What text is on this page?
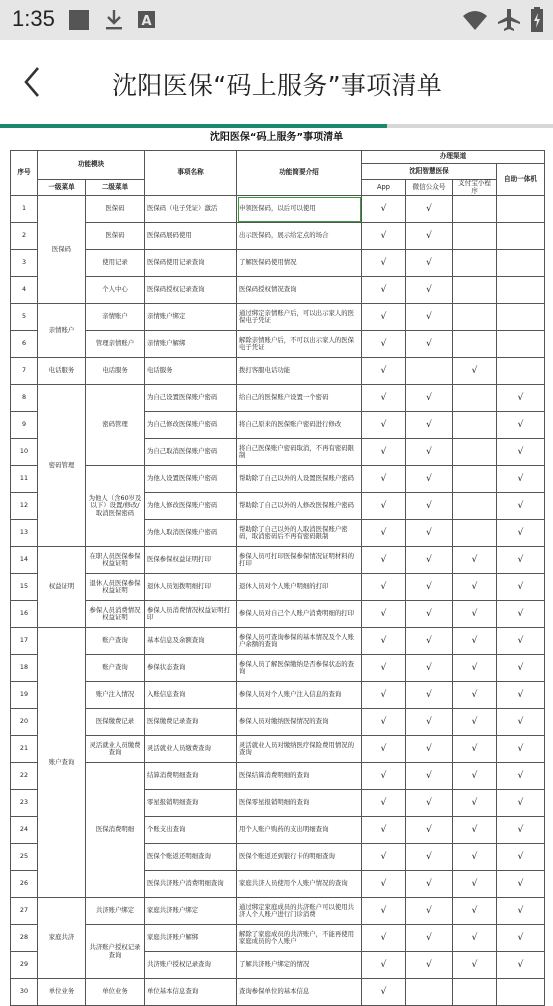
1:35	A
沈阳医保“码上服务”事项清单
沈阳医保“码上服务”事项清单
序号	功能模块		事项名称	功能简要介绍	办理渠道			
					沈阳智慧医保			自助一体机
	一级菜单	二级菜单			App	微信公众号	支付宝小程序	
1	医保码	医保码	医保码（电子凭证）激活	申领医保码，以后可以使用	√	√		
2		医保码	医保码展码使用	出示医保码，展示给定点的场合	√	√		
3		使用记录	医保码使用记录查询	了解医保码使用情况	√	√		
4		个人中心	医保码授权记录查询	医保码授权情况查询	√	√		
5	亲情账户	亲情账户	亲情账户绑定	通过绑定亲情账户后，可以出示家人的医保电子凭证	√	√		
6		管理亲情账户	亲情账户解绑	解除亲情账户后，不可以出示家人的医保电子凭证	√	√		
7	电话服务	电话服务	电话服务	拨打客服电话功能	√		√	
8	密码管理	密码管理	为自己设置医保账户密码	给自己的医保账户设置一个密码	√	√		√
9			为自己修改医保账户密码	将自己原来的医保账户密码进行修改	√	√		√
10			为自己取消医保账户密码	将自己医保账户密码取消，不再有密码限制	√	√		√
11		为他人（含60岁及以下）设置/修改/取消医保密码	为他人设置医保账户密码	帮助除了自己以外的人设置医保账户密码	√	√		√
12			为他人修改医保账户密码	帮助除了自己以外的人修改医保账户密码	√	√		√
13			为他人取消医保账户密码	帮助除了自己以外的人取消医保账户密码，取消密码后不再有密码限制	√	√		√
14	权益证明	在职人员医保参保权益证明	医保参保权益证明打印	参保人员可打印医保参保情况证明材料的打印	√	√	√	√
15		退休人员医保参保权益证明	退休人员划拨明细打印	退休人员对个人账户明细的打印	√	√	√	√
16		参保人员消费情况权益证明	参保人员消费情况权益证明打印	参保人员对自己个人账户消费明细的打印	√	√	√	√
17	账户查询	账户查询	基本信息及余额查询	参保人员可查询参保的基本情况及个人账户余额的查询	√	√	√	√
18		账户查询	参保状态查询	参保人员了解医保缴纳是否参保状态的查询	√	√	√	√
19		账户注入情况	入账信息查询	参保人员对个人账户注入信息的查询	√	√	√	√
20		医保缴费记录	医保缴费记录查询	参保人员对缴纳医保情况的查询	√	√	√	√
21		灵活就业人员缴费查询	灵活就业人员缴费查询	灵活就业人员对缴纳医疗保险费用情况的查询	√	√	√	√
22		医保消费明细	结算消费明细查询	医保结算消费明细的查询	√	√	√	√
23			零星报销明细查询	医保零星报销明细的查询	√	√	√	√
24			个账支出查询	用个人账户购药的支出明细查询	√	√	√	√
25			医保个账返还明细查询	医保个账返还到银行卡的明细查询	√	√	√	√
26			医保共济账户消费明细查询	家庭共济人员使用个人账户情况的查询	√	√	√	√
27	家庭共济	共济账户绑定	家庭共济账户绑定	通过绑定家庭成员的共济账户可以使用共济人个人账户进行门诊消费	√	√	√	√
28		共济账户授权记录查询	家庭共济账户解绑	解除了家庭成员的共济账户，不能再使用家庭成员的个人账户	√	√	√	√
29			共济账户授权记录查询	了解共济账户绑定的情况	√	√	√	√
30	单位业务	单位业务	单位基本信息查询	查询参保单位的基本信息	√			
